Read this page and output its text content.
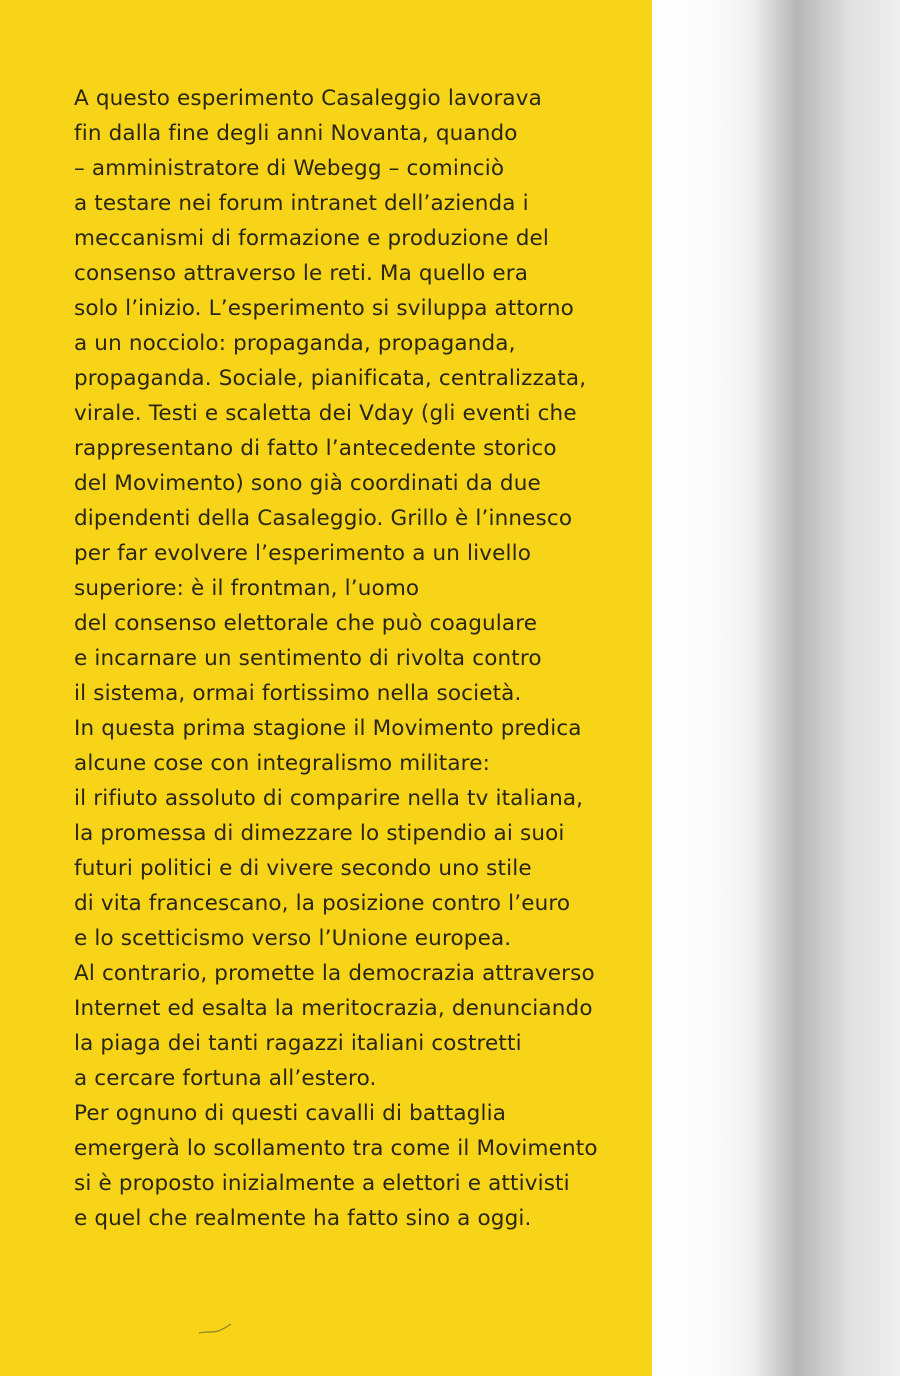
A questo esperimento Casaleggio lavorava
fin dalla fine degli anni Novanta, quando
– amministratore di Webegg – cominciò
a testare nei forum intranet dell’azienda i
meccanismi di formazione e produzione del
consenso attraverso le reti. Ma quello era
solo l’inizio. L’esperimento si sviluppa attorno
a un nocciolo: propaganda, propaganda,
propaganda. Sociale, pianificata, centralizzata,
virale. Testi e scaletta dei Vday (gli eventi che
rappresentano di fatto l’antecedente storico
del Movimento) sono già coordinati da due
dipendenti della Casaleggio. Grillo è l’innesco
per far evolvere l’esperimento a un livello
superiore: è il frontman, l’uomo
del consenso elettorale che può coagulare
e incarnare un sentimento di rivolta contro
il sistema, ormai fortissimo nella società.
In questa prima stagione il Movimento predica
alcune cose con integralismo militare:
il rifiuto assoluto di comparire nella tv italiana,
la promessa di dimezzare lo stipendio ai suoi
futuri politici e di vivere secondo uno stile
di vita francescano, la posizione contro l’euro
e lo scetticismo verso l’Unione europea.
Al contrario, promette la democrazia attraverso
Internet ed esalta la meritocrazia, denunciando
la piaga dei tanti ragazzi italiani costretti
a cercare fortuna all’estero.
Per ognuno di questi cavalli di battaglia
emergerà lo scollamento tra come il Movimento
si è proposto inizialmente a elettori e attivisti
e quel che realmente ha fatto sino a oggi.
